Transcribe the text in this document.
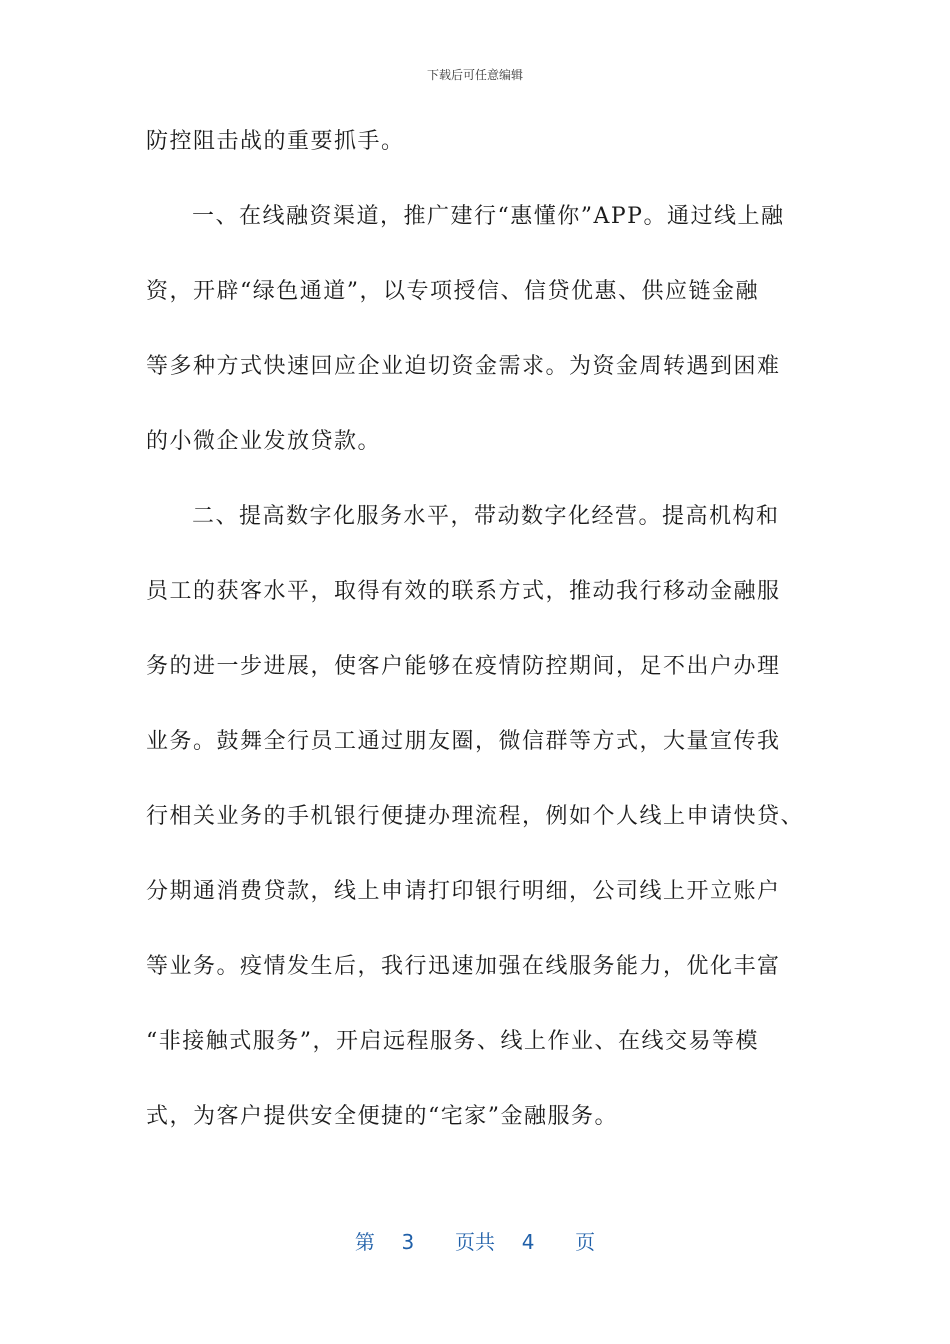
下载后可任意编辑
防控阻击战的重要抓手。
一、在线融资渠道，推广建行“惠懂你”APP。通过线上融
资，开辟“绿色通道”，以专项授信、信贷优惠、供应链金融
等多种方式快速回应企业迫切资金需求。为资金周转遇到困难
的小微企业发放贷款。
二、提高数字化服务水平，带动数字化经营。提高机构和
员工的获客水平，取得有效的联系方式，推动我行移动金融服
务的进一步进展，使客户能够在疫情防控期间，足不出户办理
业务。鼓舞全行员工通过朋友圈，微信群等方式，大量宣传我
行相关业务的手机银行便捷办理流程，例如个人线上申请快贷、
分期通消费贷款，线上申请打印银行明细，公司线上开立账户
等业务。疫情发生后，我行迅速加强在线服务能力，优化丰富
“非接触式服务”，开启远程服务、线上作业、在线交易等模
式，为客户提供安全便捷的“宅家”金融服务。
第 3 页共 4 页
